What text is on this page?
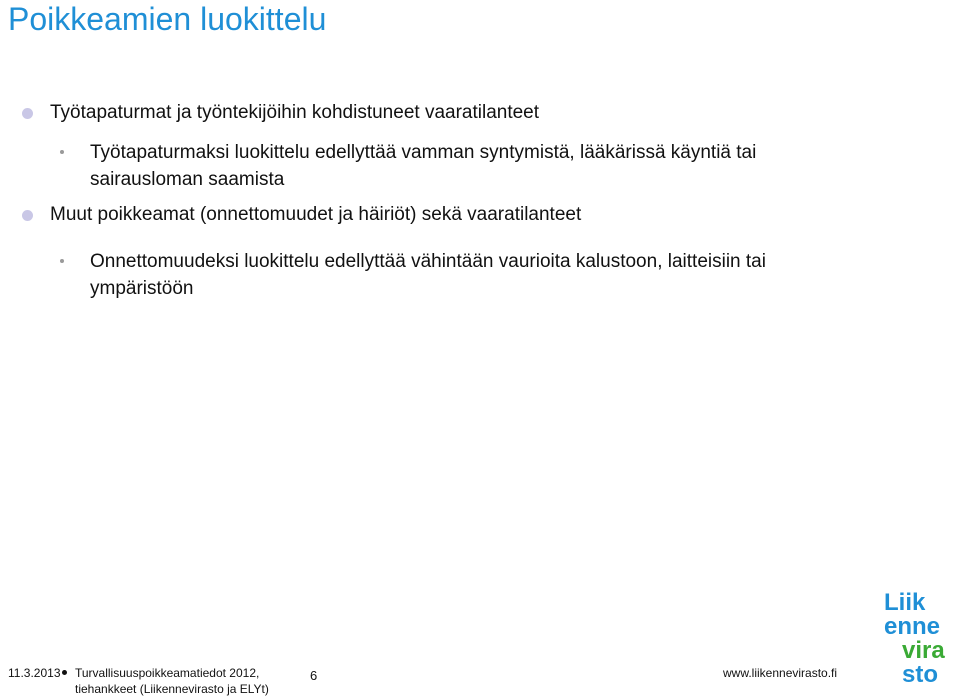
Poikkeamien luokittelu
Työtapaturmat ja työntekijöihin kohdistuneet vaaratilanteet
Työtapaturmaksi luokittelu edellyttää vamman syntymistä, lääkärissä käyntiä tai sairausloman saamista
Muut poikkeamat (onnettomuudet ja häiriöt) sekä vaaratilanteet
Onnettomuudeksi luokittelu edellyttää vähintään vaurioita kalustoon, laitteisiin tai ympäristöön
11.3.2013 Turvallisuuspoikkeamatiedot 2012,
tiehankkeet (Liikennevirasto ja ELYt)
6	www.liikennevirasto.fi
Liik
enne
vira
sto
